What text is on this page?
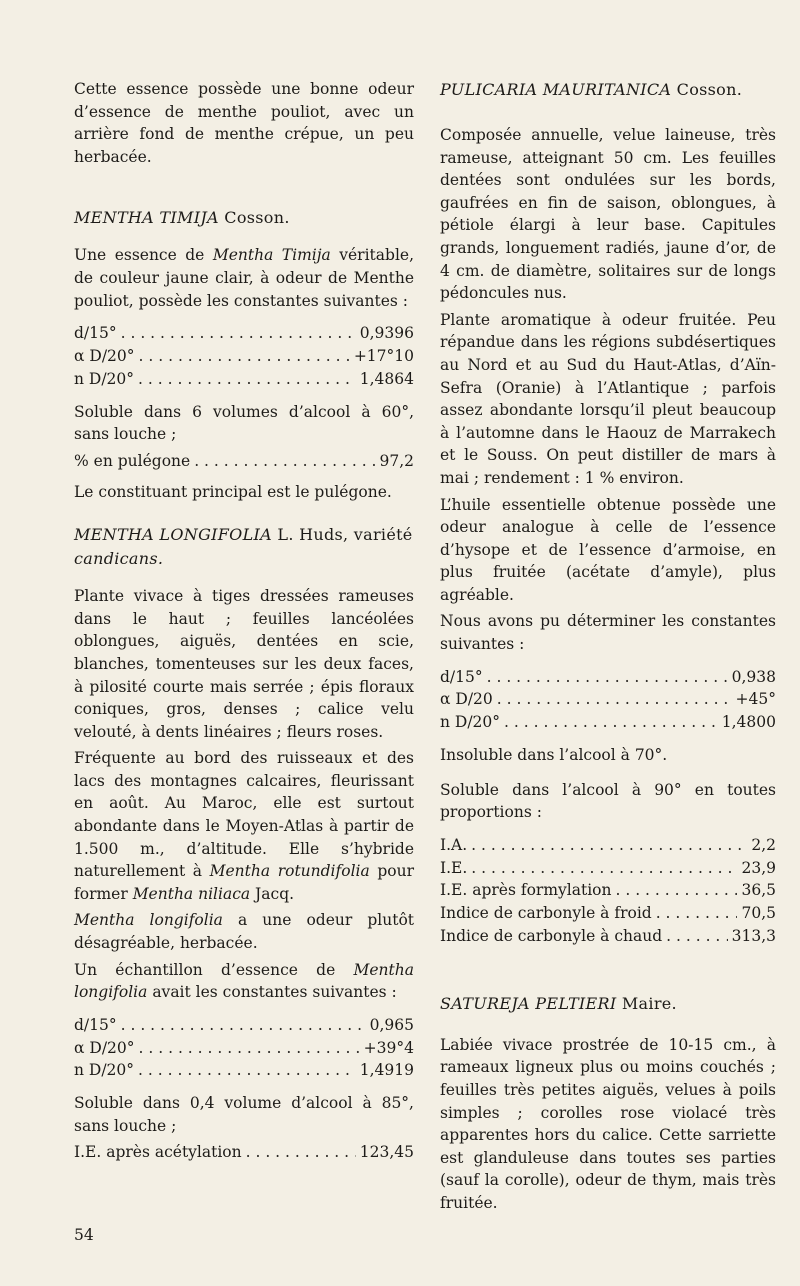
Cette essence possède une bonne odeur d’essence de menthe pouliot, avec un arrière fond de menthe crépue, un peu herbacée.

MENTHA TIMIJA Cosson.

Une essence de Mentha Timija véritable, de couleur jaune clair, à odeur de Menthe pouliot, possède les constantes suivantes :

d/15° . . .	0,9396
α D/20° . . .	+17°10
n D/20° . . .	1,4864

Soluble dans 6 volumes d’alcool à 60°, sans louche ;

% en pulégone . . .	97,2

Le constituant principal est le pulégone.

MENTHA LONGIFOLIA L. Huds, variété candicans.

Plante vivace à tiges dressées rameuses dans le haut ; feuilles lancéolées oblongues, aiguës, dentées en scie, blanches, tomenteuses sur les deux faces, à pilosité courte mais serrée ; épis floraux coniques, gros, denses ; calice velu velouté, à dents linéaires ; fleurs roses.

Fréquente au bord des ruisseaux et des lacs des montagnes calcaires, fleurissant en août. Au Maroc, elle est surtout abondante dans le Moyen-Atlas à partir de 1.500 m., d’altitude. Elle s’hybride naturellement à Mentha rotundifolia pour former Mentha niliaca Jacq.

Mentha longifolia a une odeur plutôt désagréable, herbacée.

Un échantillon d’essence de Mentha longifolia avait les constantes suivantes :

d/15° . . .	0,965
α D/20° . . .	+39°4
n D/20° . . .	1,4919

Soluble dans 0,4 volume d’alcool à 85°, sans louche ;

I.E. après acétylation . . .	123,45
PULICARIA MAURITANICA Cosson.

Composée annuelle, velue laineuse, très rameuse, atteignant 50 cm. Les feuilles dentées sont ondulées sur les bords, gaufrées en fin de saison, oblongues, à pétiole élargi à leur base. Capitules grands, longuement radiés, jaune d’or, de 4 cm. de diamètre, solitaires sur de longs pédoncules nus.

Plante aromatique à odeur fruitée. Peu répandue dans les régions subdésertiques au Nord et au Sud du Haut-Atlas, d’Aïn-Sefra (Oranie) à l’Atlantique ; parfois assez abondante lorsqu’il pleut beaucoup à l’automne dans le Haouz de Marrakech et le Souss. On peut distiller de mars à mai ; rendement : 1 % environ.

L’huile essentielle obtenue possède une odeur analogue à celle de l’essence d’hysope et de l’essence d’armoise, en plus fruitée (acétate d’amyle), plus agréable.

Nous avons pu déterminer les constantes suivantes :

d/15° . . .	0,938
α D/20 . . .	+45°
n D/20° . . .	1,4800

Insoluble dans l’alcool à 70°.

Soluble dans l’alcool à 90° en toutes proportions :

I.A. . . .	2,2
I.E. . . .	23,9
I.E. après formylation . . .	36,5
Indice de carbonyle à froid . . .	70,5
Indice de carbonyle à chaud . . .	313,3
SATUREJA PELTIERI Maire.

Labiée vivace prostrée de 10-15 cm., à rameaux ligneux plus ou moins couchés ; feuilles très petites aiguës, velues à poils simples ; corolles rose violacé très apparentes hors du calice. Cette sarriette est glanduleuse dans toutes ses parties (sauf la corolle), odeur de thym, mais très fruitée.

54
